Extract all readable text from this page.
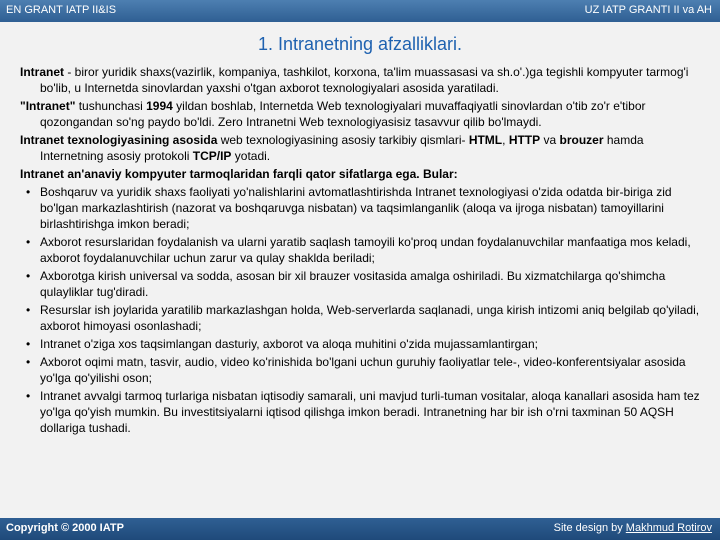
EN GRANT IATP II&IS	UZ IATP GRANTI II va AH
1. Intranetning afzalliklari.

Intranet - biror yuridik shaxs(vazirlik, kompaniya, tashkilot, korxona, ta'lim muassasasi va sh.o'.)ga tegishli kompyuter tarmog'i bo'lib, u Internetda sinovlardan yaxshi o'tgan axborot texnologiyalari asosida yaratiladi.

"Intranet" tushunchasi 1994 yildan boshlab, Internetda Web texnologiyalari muvaffaqiyatli sinovlardan o'tib zo'r e'tibor qozongandan so'ng paydo bo'ldi. Zero Intranetni Web texnologiyasisiz tasavvur qilib bo'lmaydi.

Intranet texnologiyasining asosida web texnologiyasining asosiy tarkibiy qismlari- HTML, HTTP va brouzer hamda Internetning asosiy protokoli TCP/IP yotadi.

Intranet an'anaviy kompyuter tarmoqlaridan farqli qator sifatlarga ega. Bular:

• Boshqaruv va yuridik shaxs faoliyati yo'nalishlarini avtomatlashtirishda Intranet texnologiyasi o'zida odatda bir-biriga zid bo'lgan markazlashtirish (nazorat va boshqaruvga nisbatan) va taqsimlanganlik (aloqa va ijroga nisbatan) tamoyillarini birlashtirishga imkon beradi;
• Axborot resurslaridan foydalanish va ularni yaratib saqlash tamoyili ko'proq undan foydalanuvchilar manfaatiga mos keladi, axborot foydalanuvchilar uchun zarur va qulay shaklda beriladi;
• Axborotga kirish universal va sodda, asosan bir xil brauzer vositasida amalga oshiriladi. Bu xizmatchilarga qo'shimcha qulayliklar tug'diradi.
• Resurslar ish joylarida yaratilib markazlashgan holda, Web-serverlarda saqlanadi, unga kirish intizomi aniq belgilab qo'yiladi, axborot himoyasi osonlashadi;
• Intranet o'ziga xos taqsimlangan dasturiy, axborot va aloqa muhitini o'zida mujassamlantirgan;
• Axborot oqimi matn, tasvir, audio, video ko'rinishida bo'lgani uchun guruhiy faoliyatlar tele-, video-konferentsiyalar asosida yo'lga qo'yilishi oson;
• Intranet avvalgi tarmoq turlariga nisbatan iqtisodiy samarali, uni mavjud turli-tuman vositalar, aloqa kanallari asosida ham tez yo'lga qo'yish mumkin. Bu investitsiyalarni iqtisod qilishga imkon beradi. Intranetning har bir ish o'rni taxminan 50 AQSH dollariga tushadi.
Copyright © 2000 IATP	Site design by Makhmud Rotirov
